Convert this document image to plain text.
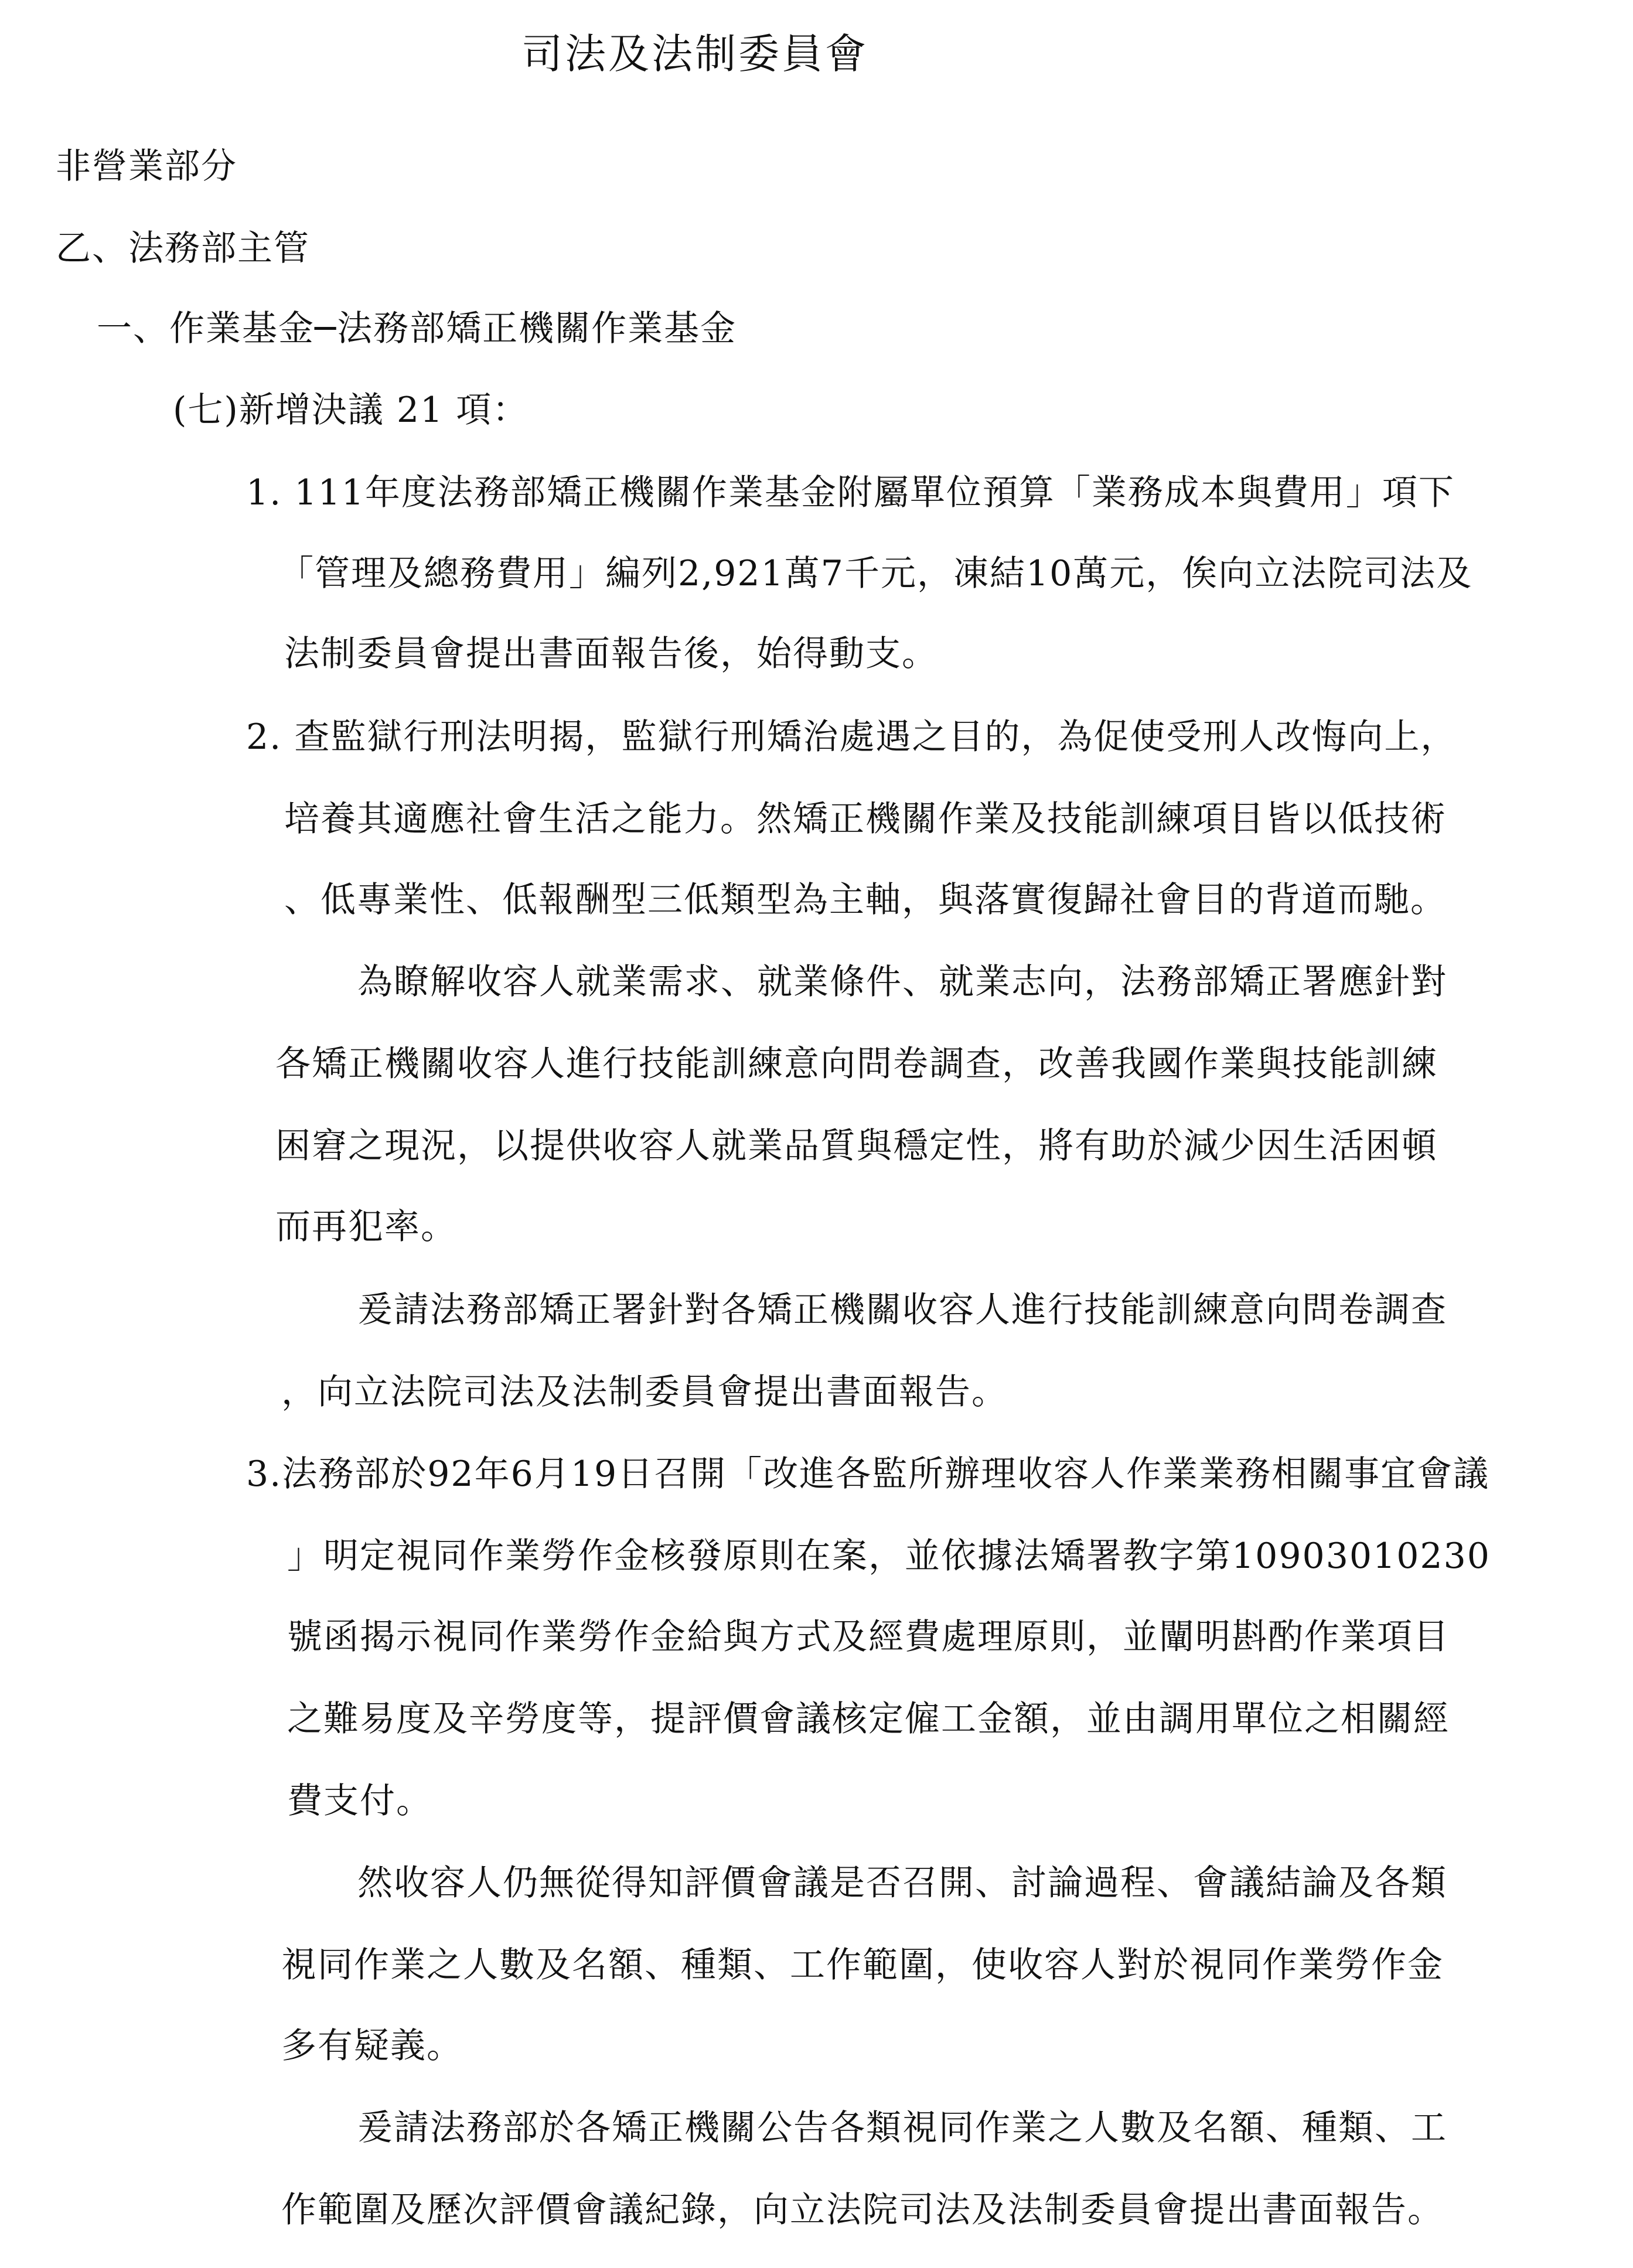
司法及法制委員會
非營業部分
乙、法務部主管
一、作業基金─法務部矯正機關作業基金
(七)新增決議 21 項：
1. 111年度法務部矯正機關作業基金附屬單位預算「業務成本與費用」項下
「管理及總務費用」編列2,921萬7千元，凍結10萬元，俟向立法院司法及
法制委員會提出書面報告後，始得動支。
2. 查監獄行刑法明揭，監獄行刑矯治處遇之目的，為促使受刑人改悔向上，
培養其適應社會生活之能力。然矯正機關作業及技能訓練項目皆以低技術
、低專業性、低報酬型三低類型為主軸，與落實復歸社會目的背道而馳。
為瞭解收容人就業需求、就業條件、就業志向，法務部矯正署應針對
各矯正機關收容人進行技能訓練意向問卷調查，改善我國作業與技能訓練
困窘之現況，以提供收容人就業品質與穩定性，將有助於減少因生活困頓
而再犯率。
爰請法務部矯正署針對各矯正機關收容人進行技能訓練意向問卷調查
，向立法院司法及法制委員會提出書面報告。
3.法務部於92年6月19日召開「改進各監所辦理收容人作業業務相關事宜會議
」明定視同作業勞作金核發原則在案，並依據法矯署教字第10903010230
號函揭示視同作業勞作金給與方式及經費處理原則，並闡明斟酌作業項目
之難易度及辛勞度等，提評價會議核定僱工金額，並由調用單位之相關經
費支付。
然收容人仍無從得知評價會議是否召開、討論過程、會議結論及各類
視同作業之人數及名額、種類、工作範圍，使收容人對於視同作業勞作金
多有疑義。
爰請法務部於各矯正機關公告各類視同作業之人數及名額、種類、工
作範圍及歷次評價會議紀錄，向立法院司法及法制委員會提出書面報告。
